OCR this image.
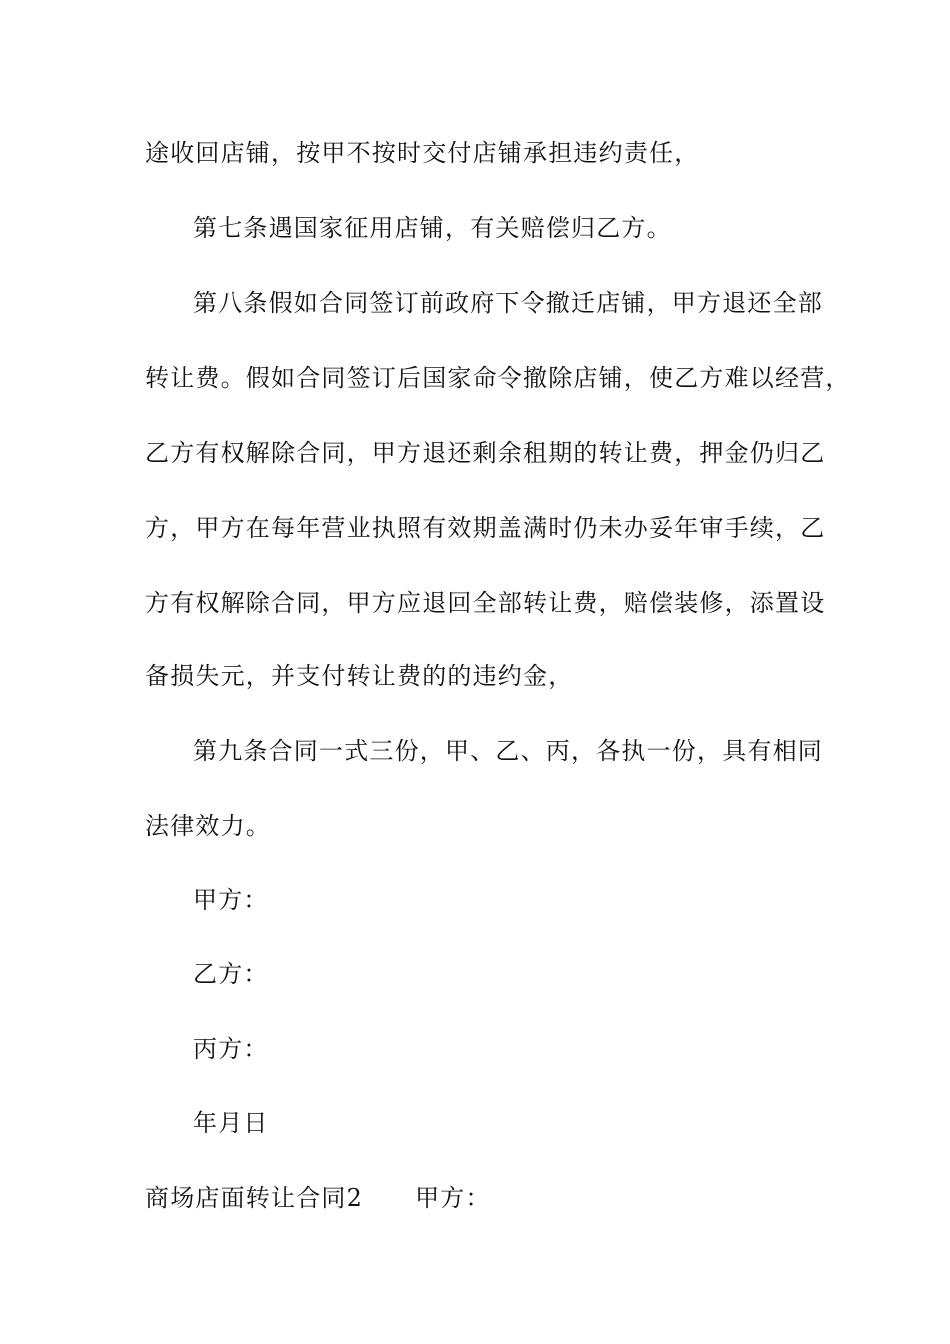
途收回店铺，按甲不按时交付店铺承担违约责任，
第七条遇国家征用店铺，有关赔偿归乙方。
第八条假如合同签订前政府下令撤迁店铺，甲方退还全部
转让费。假如合同签订后国家命令撤除店铺，使乙方难以经营，
乙方有权解除合同，甲方退还剩余租期的转让费，押金仍归乙
方，甲方在每年营业执照有效期盖满时仍未办妥年审手续，乙
方有权解除合同，甲方应退回全部转让费，赔偿装修，添置设
备损失元，并支付转让费的的违约金，
第九条合同一式三份，甲、乙、丙，各执一份，具有相同
法律效力。
甲方：
乙方：
丙方：
年月日
商场店面转让合同2 甲方：
